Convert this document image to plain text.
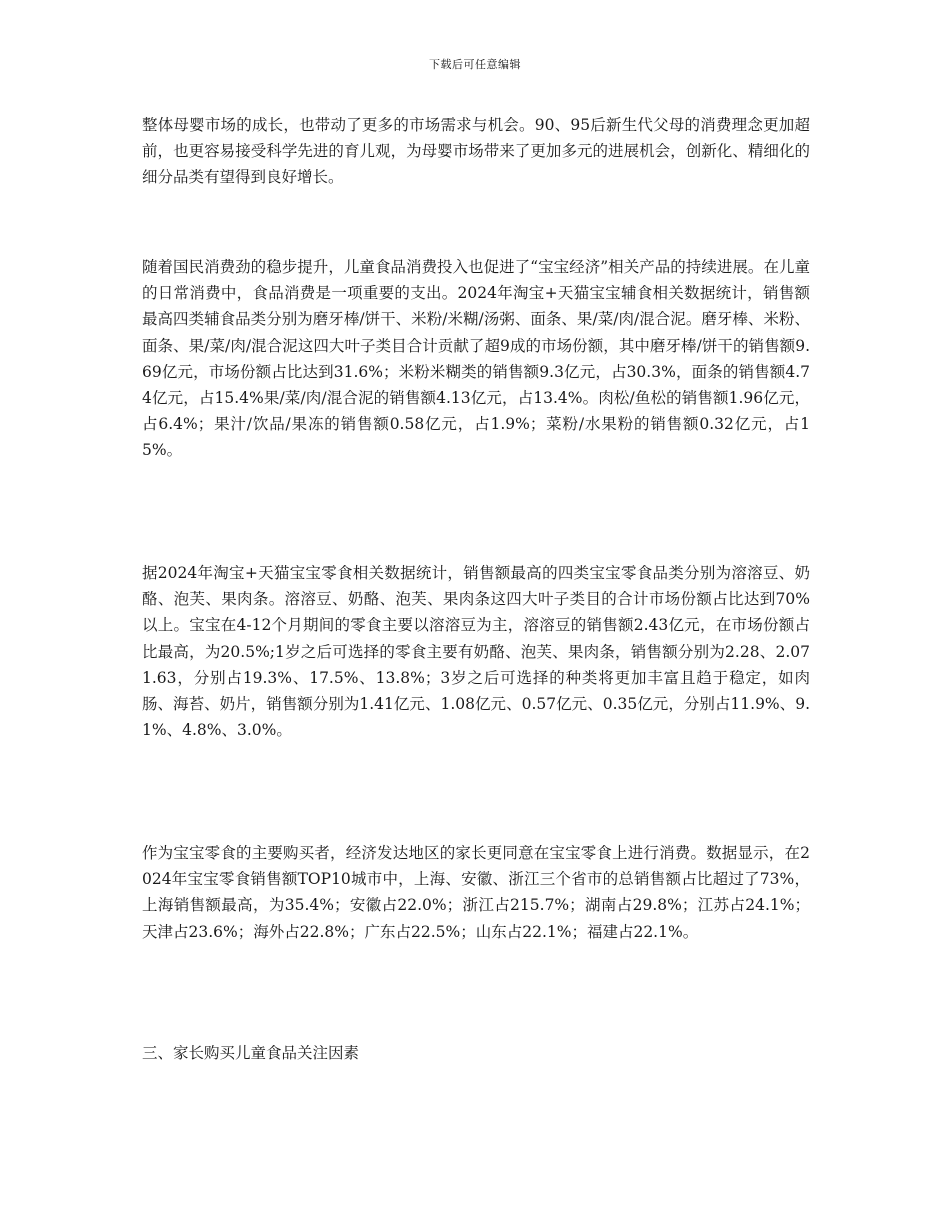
下载后可任意编辑

整体母婴市场的成长，也带动了更多的市场需求与机会。90、95后新生代父母的消费理念更加超前，也更容易接受科学先进的育儿观，为母婴市场带来了更加多元的进展机会，创新化、精细化的细分品类有望得到良好增长。

随着国民消费劲的稳步提升，儿童食品消费投入也促进了“宝宝经济”相关产品的持续进展。在儿童的日常消费中，食品消费是一项重要的支出。2024年淘宝+天猫宝宝辅食相关数据统计，销售额最高四类辅食品类分别为磨牙棒/饼干、米粉/米糊/汤粥、面条、果/菜/肉/混合泥。磨牙棒、米粉、面条、果/菜/肉/混合泥这四大叶子类目合计贡献了超9成的市场份额，其中磨牙棒/饼干的销售额9.69亿元，市场份额占比达到31.6%；米粉米糊类的销售额9.3亿元，占30.3%，面条的销售额4.74亿元，占15.4%果/菜/肉/混合泥的销售额4.13亿元，占13.4%。肉松/鱼松的销售额1.96亿元，占6.4%；果汁/饮品/果冻的销售额0.58亿元，占1.9%；菜粉/水果粉的销售额0.32亿元，占15%。

据2024年淘宝+天猫宝宝零食相关数据统计，销售额最高的四类宝宝零食品类分别为溶溶豆、奶酪、泡芙、果肉条。溶溶豆、奶酪、泡芙、果肉条这四大叶子类目的合计市场份额占比达到70%以上。宝宝在4-12个月期间的零食主要以溶溶豆为主，溶溶豆的销售额2.43亿元，在市场份额占比最高，为20.5%;1岁之后可选择的零食主要有奶酪、泡芙、果肉条，销售额分别为2.28、2.071.63，分别占19.3%、17.5%、13.8%；3岁之后可选择的种类将更加丰富且趋于稳定，如肉肠、海苔、奶片，销售额分别为1.41亿元、1.08亿元、0.57亿元、0.35亿元，分别占11.9%、9.1%、4.8%、3.0%。

作为宝宝零食的主要购买者，经济发达地区的家长更同意在宝宝零食上进行消费。数据显示，在2024年宝宝零食销售额TOP10城市中，上海、安徽、浙江三个省市的总销售额占比超过了73%，上海销售额最高，为35.4%；安徽占22.0%；浙江占215.7%；湖南占29.8%；江苏占24.1%；天津占23.6%；海外占22.8%；广东占22.5%；山东占22.1%；福建占22.1%。

三、家长购买儿童食品关注因素
